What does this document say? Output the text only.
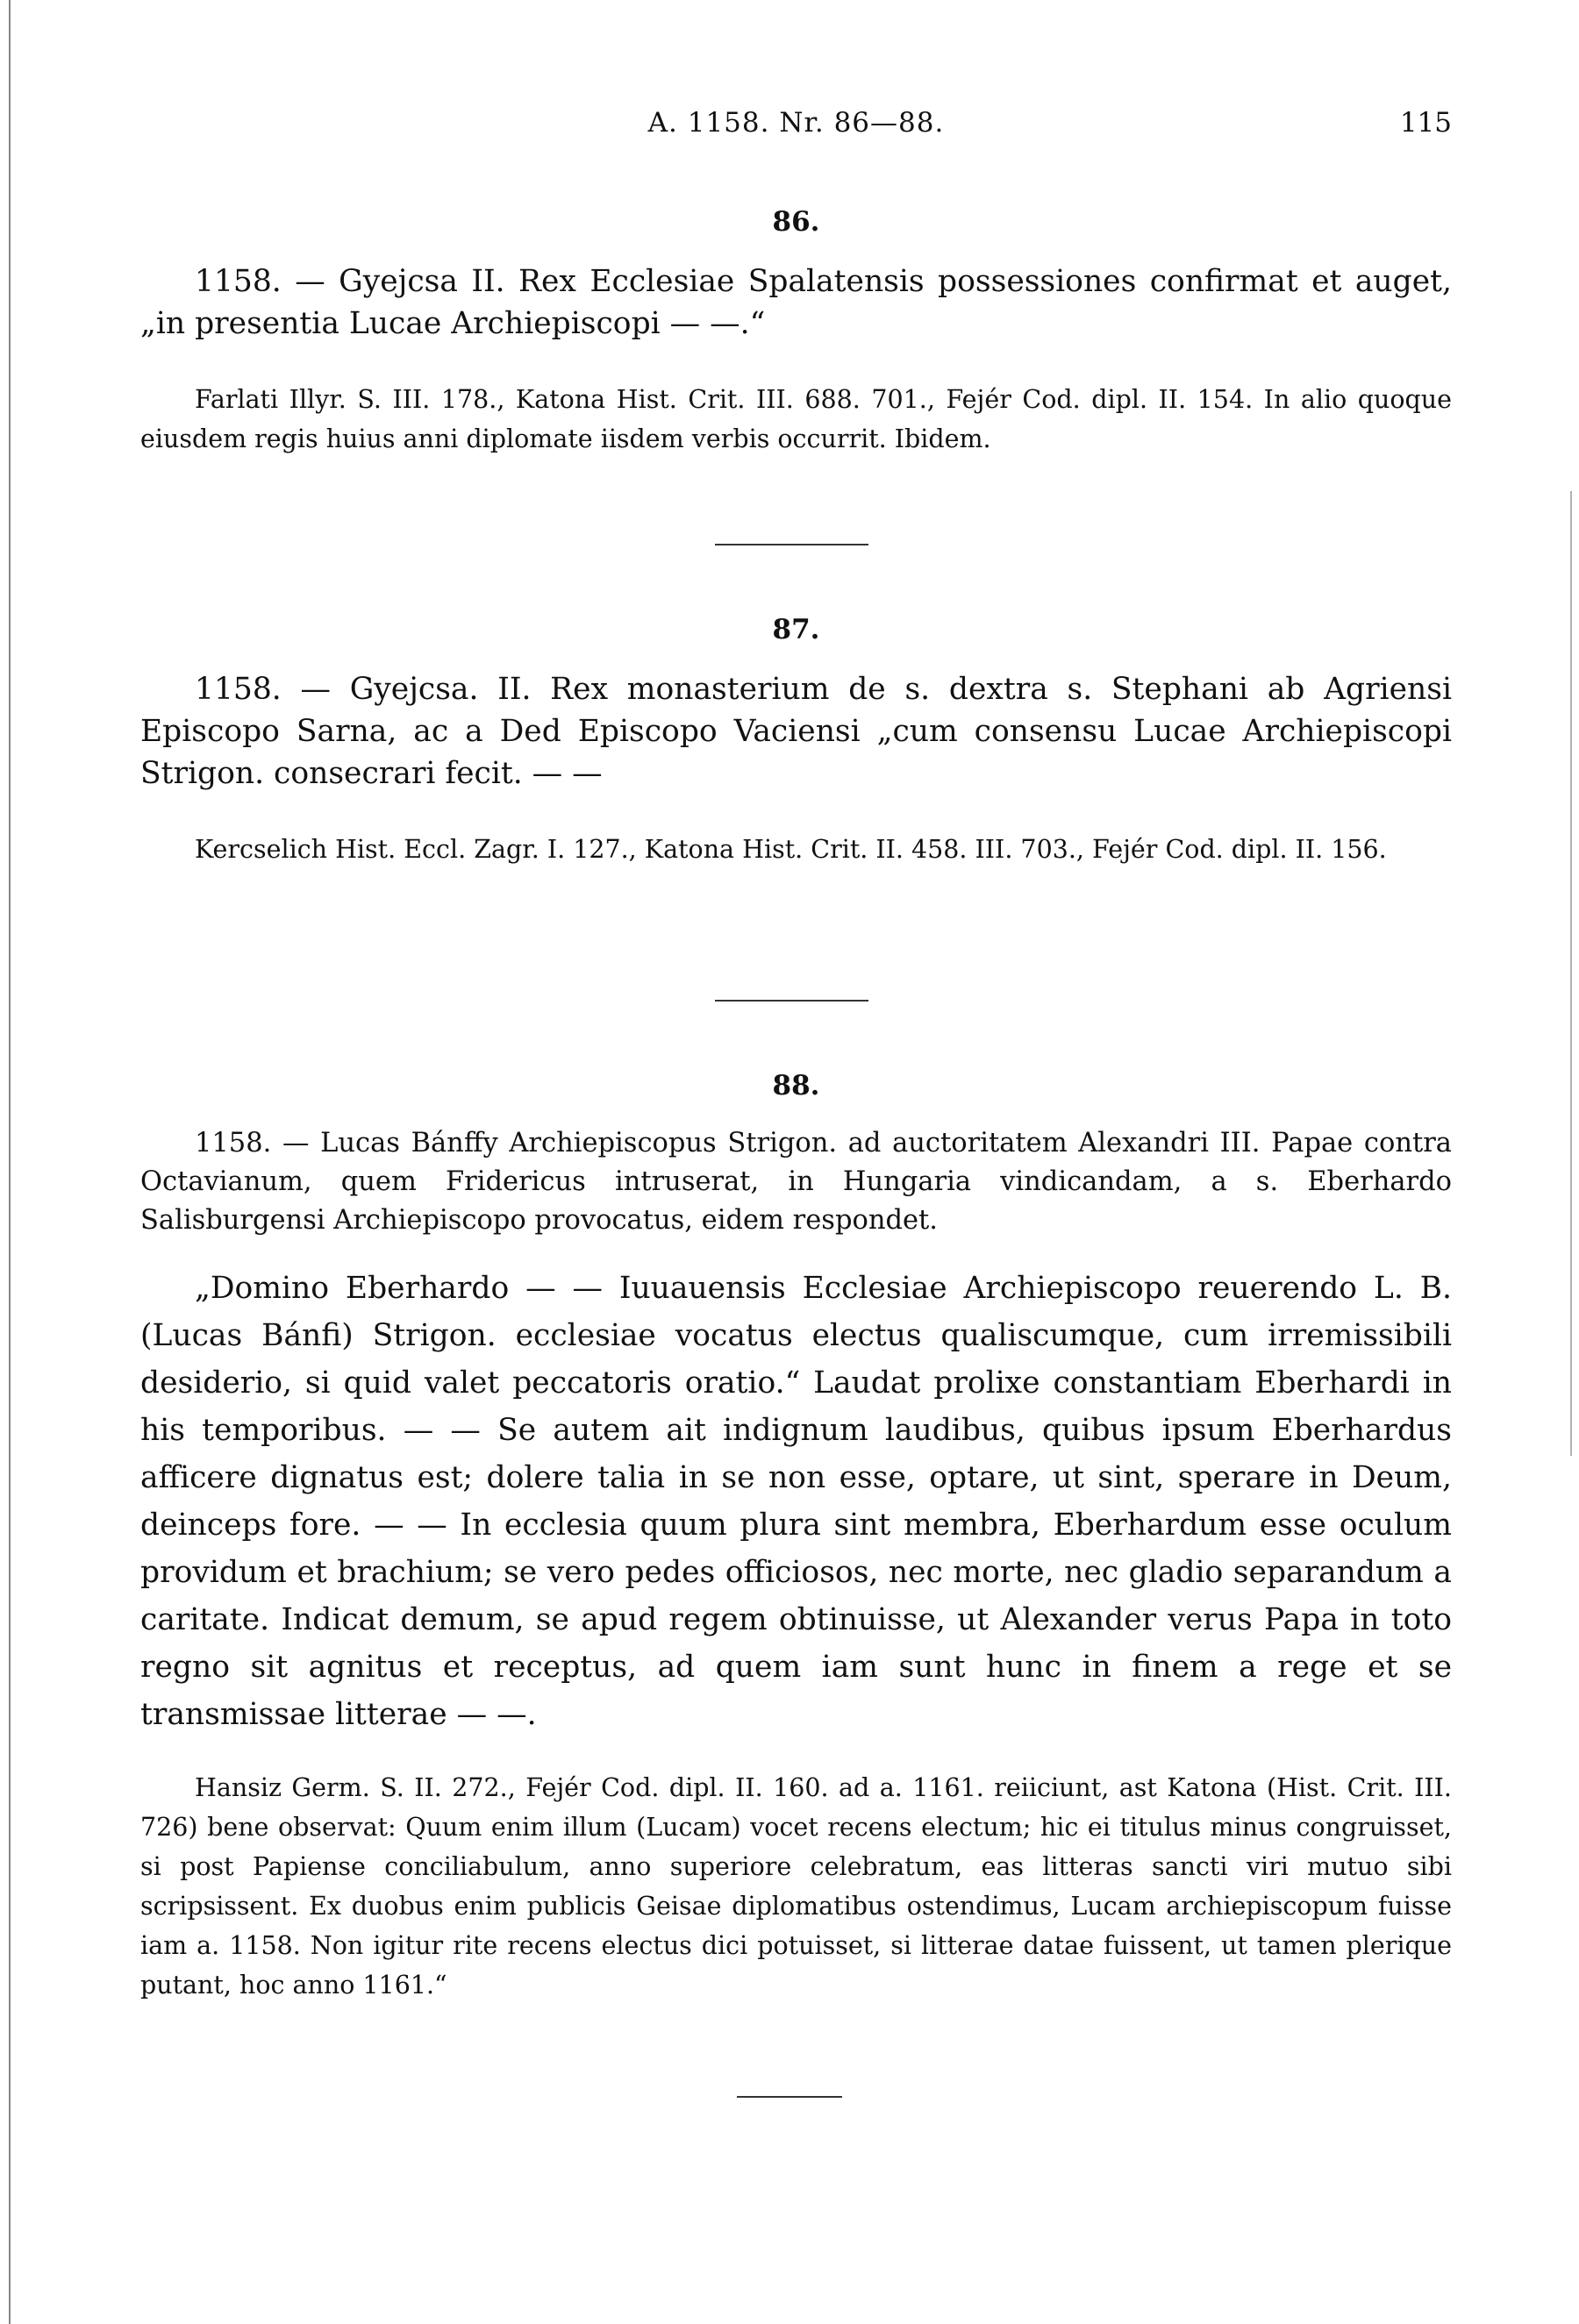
A. 1158. Nr. 86—88.	115
86.

1158. — Gyejcsa II. Rex Ecclesiae Spalatensis possessiones confirmat et auget, „in presentia Lucae Archiepiscopi — —.“

Farlati Illyr. S. III. 178., Katona Hist. Crit. III. 688. 701., Fejér Cod. dipl. II. 154. In alio quoque eiusdem regis huius anni diplomate iisdem verbis occurrit. Ibidem.

87.

1158. — Gyejcsa. II. Rex monasterium de s. dextra s. Stephani ab Agriensi Episcopo Sarna, ac a Ded Episcopo Vaciensi „cum consensu Lucae Archiepiscopi Strigon. consecrari fecit. — —

Kercselich Hist. Eccl. Zagr. I. 127., Katona Hist. Crit. II. 458. III. 703., Fejér Cod. dipl. II. 156.

88.

1158. — Lucas Bánffy Archiepiscopus Strigon. ad auctoritatem Alexandri III. Papae contra Octavianum, quem Fridericus intruserat, in Hungaria vindicandam, a s. Eberhardo Salisburgensi Archiepiscopo provocatus, eidem respondet.

„Domino Eberhardo — — Iuuauensis Ecclesiae Archiepiscopo reuerendo L. B. (Lucas Bánfi) Strigon. ecclesiae vocatus electus qualiscumque, cum irremissibili desiderio, si quid valet peccatoris oratio.“ Laudat prolixe constantiam Eberhardi in his temporibus. — — Se autem ait indignum laudibus, quibus ipsum Eberhardus afficere dignatus est; dolere talia in se non esse, optare, ut sint, sperare in Deum, deinceps fore. — — In ecclesia quum plura sint membra, Eberhardum esse oculum providum et brachium; se vero pedes officiosos, nec morte, nec gladio separandum a caritate. Indicat demum, se apud regem obtinuisse, ut Alexander verus Papa in toto regno sit agnitus et receptus, ad quem iam sunt hunc in finem a rege et se transmissae litterae — —.

Hansiz Germ. S. II. 272., Fejér Cod. dipl. II. 160. ad a. 1161. reiiciunt, ast Katona (Hist. Crit. III. 726) bene observat: Quum enim illum (Lucam) vocet recens electum; hic ei titulus minus congruisset, si post Papiense conciliabulum, anno superiore celebratum, eas litteras sancti viri mutuo sibi scripsissent. Ex duobus enim publicis Geisae diplomatibus ostendimus, Lucam archiepiscopum fuisse iam a. 1158. Non igitur rite recens electus dici potuisset, si litterae datae fuissent, ut tamen plerique putant, hoc anno 1161.“
